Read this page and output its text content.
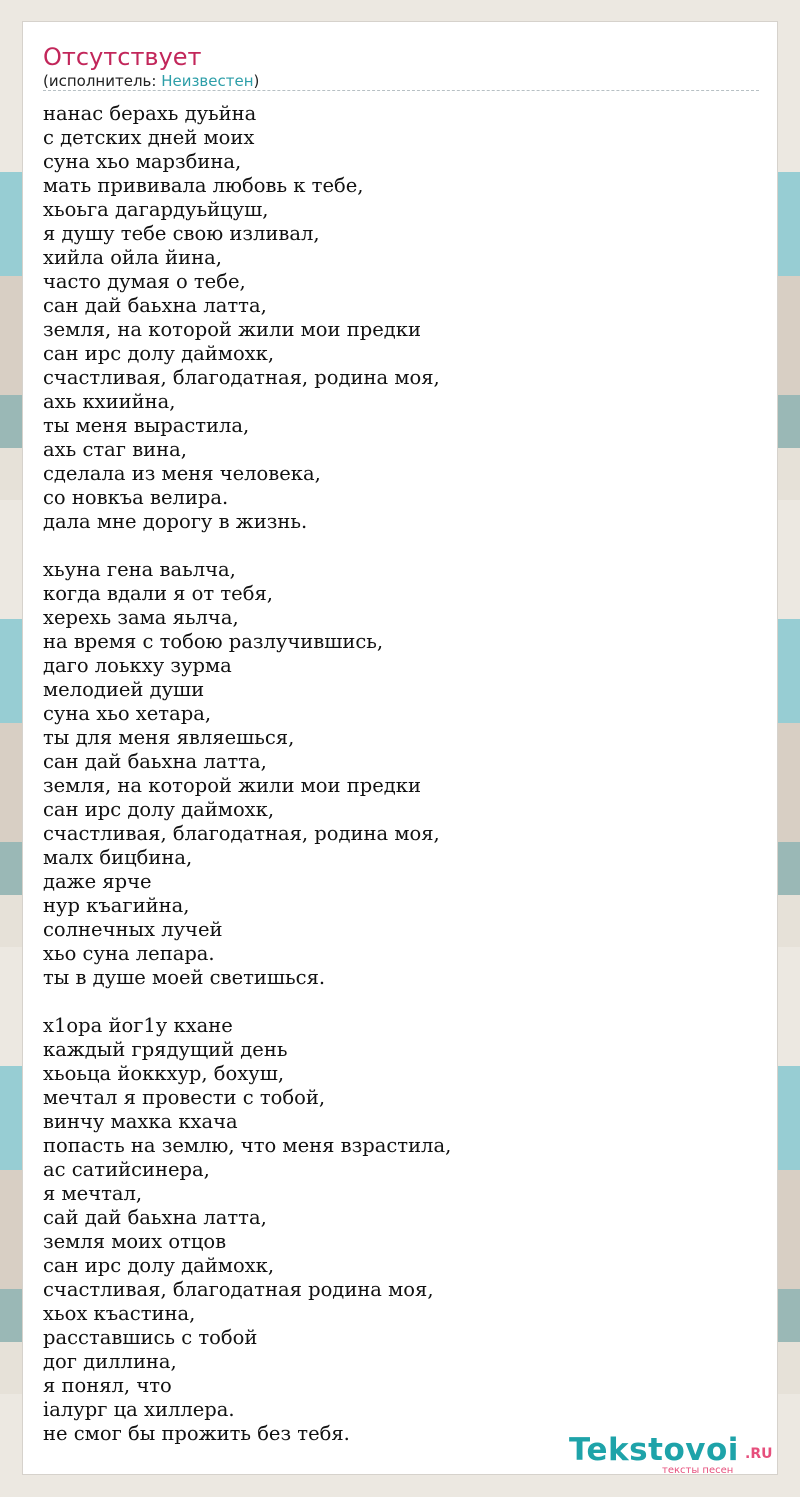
Отсутствует
(исполнитель: Неизвестен)
нанас берахь дуьйна
с детских дней моих
суна хьо марзбина,
мать прививала любовь к тебе,
хьоьга дагардуьйцуш,
я душу тебе свою изливал,
хийла ойла йина,
часто думая о тебе,
сан дай баьхна латта,
земля, на которой жили мои предки
сан ирс долу даймохк,
счастливая, благодатная, родина моя,
ахь кхиийна,
ты меня вырастила,
ахь стаг вина,
сделала из меня человека,
со новкъа велира.
дала мне дорогу в жизнь.

хьуна гена ваьлча,
когда вдали я от тебя,
херехь зама яьлча,
на время с тобою разлучившись,
даго лоькху зурма
мелодией души
суна хьо хетара,
ты для меня являешься,
сан дай баьхна латта,
земля, на которой жили мои предки
сан ирс долу даймохк,
счастливая, благодатная, родина моя,
малх бицбина,
даже ярче
нур къагийна,
солнечных лучей
хьо суна лепара.
ты в душе моей светишься.

х1ора йог1у кхане
каждый грядущий день
хьоьца йоккхур, бохуш,
мечтал я провести с тобой,
винчу махка кхача
попасть на землю, что меня взрастила,
ас сатийсинера,
я мечтал,
сай дай баьхна латта,
земля моих отцов
сан ирс долу даймохк,
счастливая, благодатная родина моя,
хьох къастина,
расставшись с тобой
дог диллина,
я понял, что
iалург ца хиллера.
не смог бы прожить без тебя.	Tekstovoi .RU
тексты песен
